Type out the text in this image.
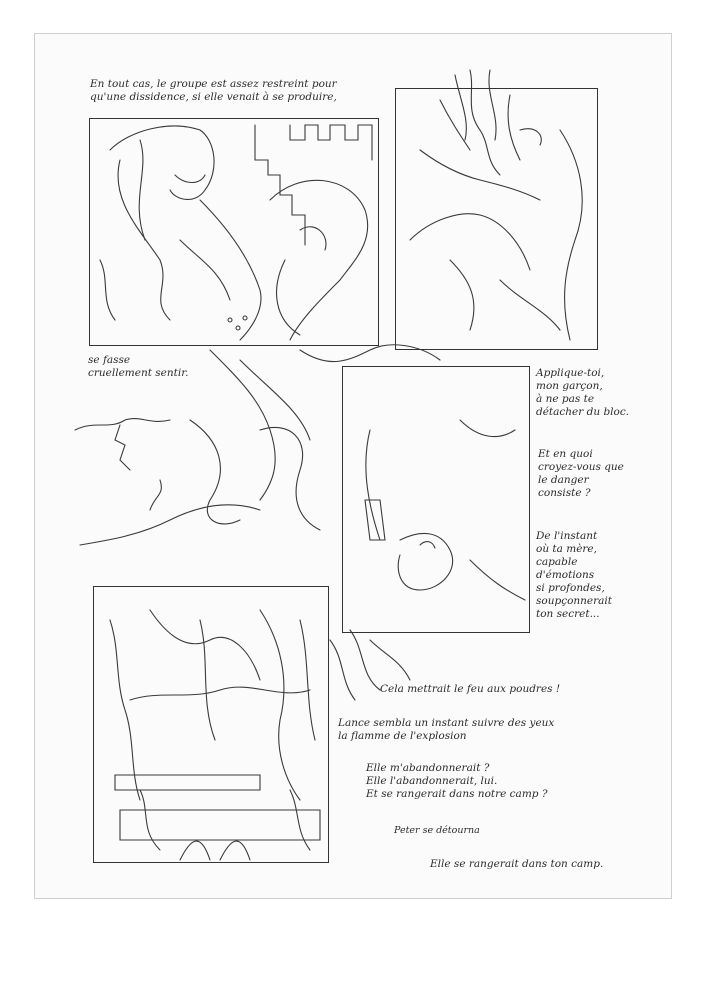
En tout cas, le groupe est assez restreint pour
qu'une dissidence, si elle venait à se produire,
se fasse
cruellement sentir.	Applique-toi,
mon garçon,
à ne pas te
détacher du bloc.
Et en quoi
croyez-vous que
le danger
consiste ?
De l'instant
où ta mère,
capable
d'émotions
si profondes,
soupçonnerait
ton secret...
Cela mettrait le feu aux poudres !
Lance sembla un instant suivre des yeux
la flamme de l'explosion
Elle m'abandonnerait ?
Elle l'abandonnerait, lui.
Et se rangerait dans notre camp ?
Peter se détourna
Elle se rangerait dans ton camp.
